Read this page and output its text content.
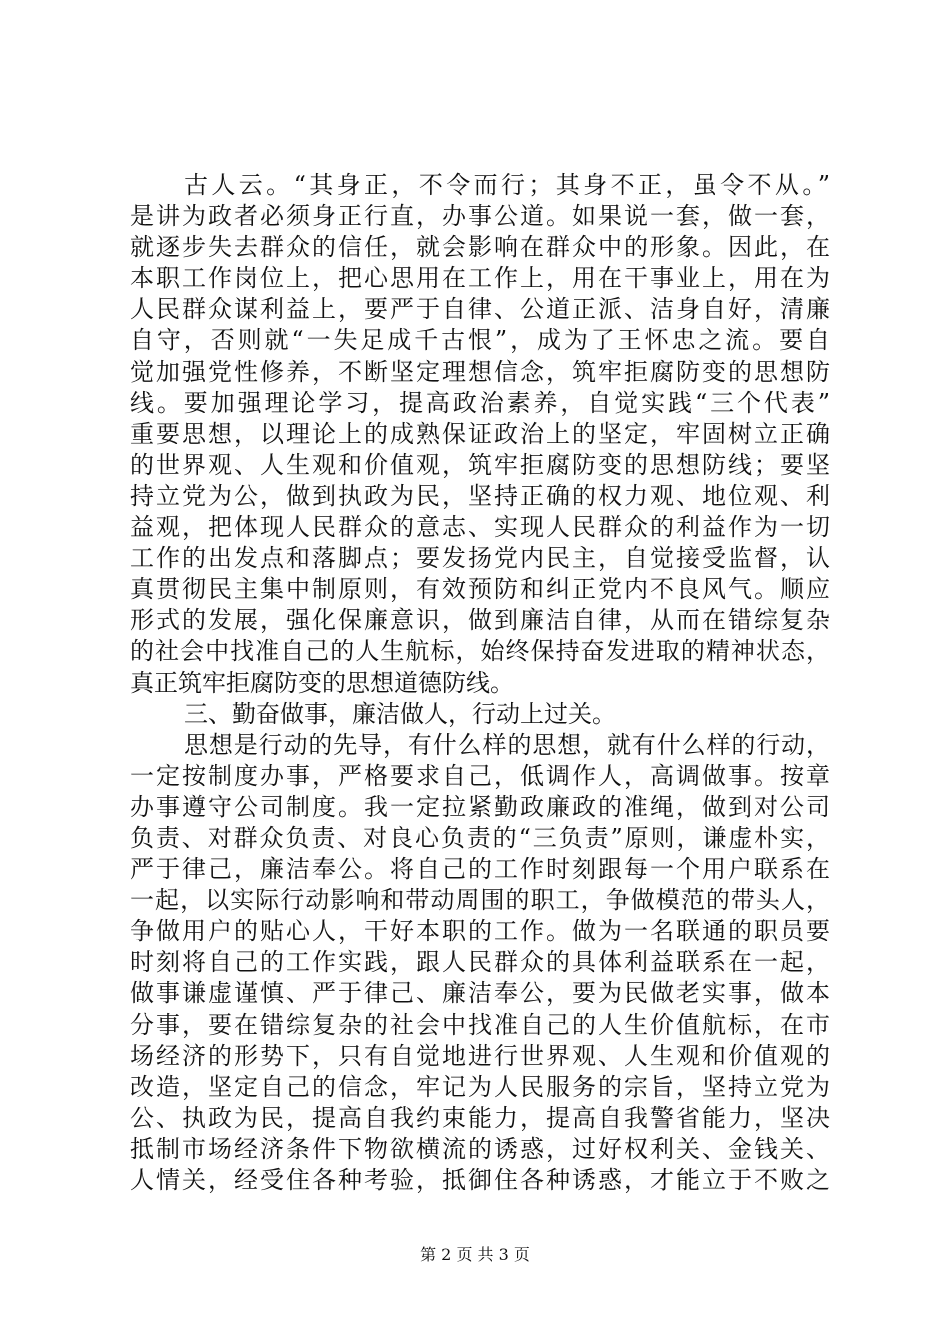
古人云。“其身正，不令而行；其身不正，虽令不从。”
是讲为政者必须身正行直，办事公道。如果说一套，做一套，
就逐步失去群众的信任，就会影响在群众中的形象。因此，在
本职工作岗位上，把心思用在工作上，用在干事业上，用在为
人民群众谋利益上，要严于自律、公道正派、洁身自好，清廉
自守，否则就“一失足成千古恨”，成为了王怀忠之流。要自
觉加强党性修养，不断坚定理想信念，筑牢拒腐防变的思想防
线。要加强理论学习，提高政治素养，自觉实践“三个代表”
重要思想，以理论上的成熟保证政治上的坚定，牢固树立正确
的世界观、人生观和价值观，筑牢拒腐防变的思想防线；要坚
持立党为公，做到执政为民，坚持正确的权力观、地位观、利
益观，把体现人民群众的意志、实现人民群众的利益作为一切
工作的出发点和落脚点；要发扬党内民主，自觉接受监督，认
真贯彻民主集中制原则，有效预防和纠正党内不良风气。顺应
形式的发展，强化保廉意识，做到廉洁自律，从而在错综复杂
的社会中找准自己的人生航标，始终保持奋发进取的精神状态，
真正筑牢拒腐防变的思想道德防线。
三、勤奋做事，廉洁做人，行动上过关。
思想是行动的先导，有什么样的思想，就有什么样的行动，
一定按制度办事，严格要求自己，低调作人，高调做事。按章
办事遵守公司制度。我一定拉紧勤政廉政的准绳，做到对公司
负责、对群众负责、对良心负责的“三负责”原则，谦虚朴实，
严于律己，廉洁奉公。将自己的工作时刻跟每一个用户联系在
一起，以实际行动影响和带动周围的职工，争做模范的带头人，
争做用户的贴心人，干好本职的工作。做为一名联通的职员要
时刻将自己的工作实践，跟人民群众的具体利益联系在一起，
做事谦虚谨慎、严于律己、廉洁奉公，要为民做老实事，做本
分事，要在错综复杂的社会中找准自己的人生价值航标，在市
场经济的形势下，只有自觉地进行世界观、人生观和价值观的
改造，坚定自己的信念，牢记为人民服务的宗旨，坚持立党为
公、执政为民，提高自我约束能力，提高自我警省能力，坚决
抵制市场经济条件下物欲横流的诱惑，过好权利关、金钱关、
人情关，经受住各种考验，抵御住各种诱惑，才能立于不败之
第 2 页 共 3 页
